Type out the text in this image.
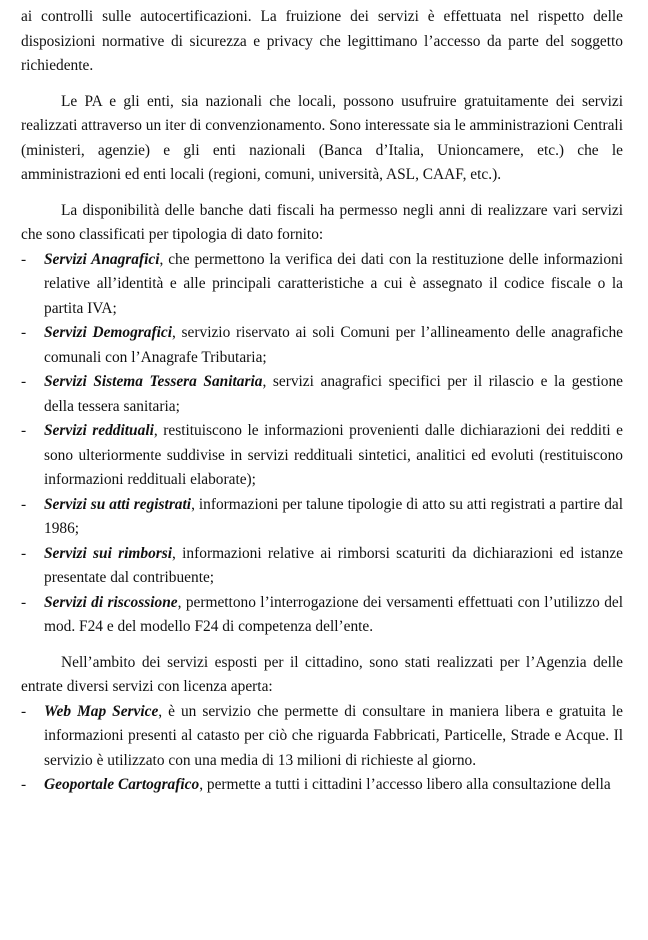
ai controlli sulle autocertificazioni. La fruizione dei servizi è effettuata nel rispetto delle disposizioni normative di sicurezza e privacy che legittimano l’accesso da parte del soggetto richiedente.

Le PA e gli enti, sia nazionali che locali, possono usufruire gratuitamente dei servizi realizzati attraverso un iter di convenzionamento. Sono interessate sia le amministrazioni Centrali (ministeri, agenzie) e gli enti nazionali (Banca d’Italia, Unioncamere, etc.) che le amministrazioni ed enti locali (regioni, comuni, università, ASL, CAAF, etc.).

La disponibilità delle banche dati fiscali ha permesso negli anni di realizzare vari servizi che sono classificati per tipologia di dato fornito:

- Servizi Anagrafici, che permettono la verifica dei dati con la restituzione delle informazioni relative all’identità e alle principali caratteristiche a cui è assegnato il codice fiscale o la partita IVA;

- Servizi Demografici, servizio riservato ai soli Comuni per l’allineamento delle anagrafiche comunali con l’Anagrafe Tributaria;

- Servizi Sistema Tessera Sanitaria, servizi anagrafici specifici per il rilascio e la gestione della tessera sanitaria;

- Servizi reddituali, restituiscono le informazioni provenienti dalle dichiarazioni dei redditi e sono ulteriormente suddivise in servizi reddituali sintetici, analitici ed evoluti (restituiscono informazioni reddituali elaborate);

- Servizi su atti registrati, informazioni per talune tipologie di atto su atti registrati a partire dal 1986;

- Servizi sui rimborsi, informazioni relative ai rimborsi scaturiti da dichiarazioni ed istanze presentate dal contribuente;

- Servizi di riscossione, permettono l’interrogazione dei versamenti effettuati con l’utilizzo del mod. F24 e del modello F24 di competenza dell’ente.

Nell’ambito dei servizi esposti per il cittadino, sono stati realizzati per l’Agenzia delle entrate diversi servizi con licenza aperta:

- Web Map Service, è un servizio che permette di consultare in maniera libera e gratuita le informazioni presenti al catasto per ciò che riguarda Fabbricati, Particelle, Strade e Acque. Il servizio è utilizzato con una media di 13 milioni di richieste al giorno.

- Geoportale Cartografico, permette a tutti i cittadini l’accesso libero alla consultazione della
